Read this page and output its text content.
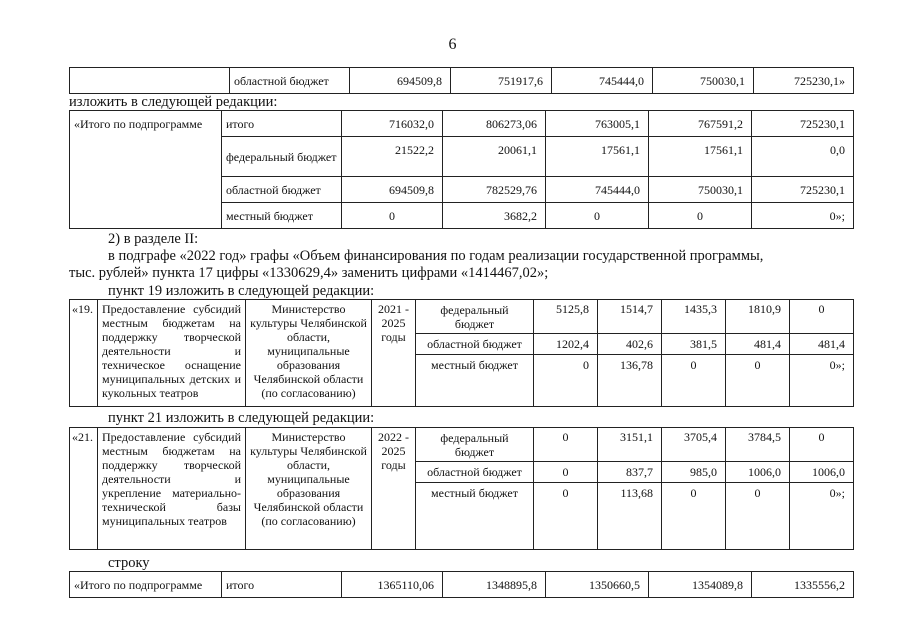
6
	областной бюджет	694509,8	751917,6	745444,0	750030,1	725230,1»
изложить в следующей редакции:
«Итого по подпрограмме	итого	716032,0	806273,06	763005,1	767591,2	725230,1
	федеральный бюджет	21522,2	20061,1	17561,1	17561,1	0,0
	областной бюджет	694509,8	782529,76	745444,0	750030,1	725230,1
	местный бюджет	0	3682,2	0	0	0»;
2) в разделе II:
в подграфе «2022 год» графы «Объем финансирования по годам реализации государственной программы,
тыс. рублей» пункта 17 цифры «1330629,4» заменить цифрами «1414467,02»;
пункт 19 изложить в следующей редакции:
«19.	Предоставление субсидий местным бюджетам на поддержку творческой деятельности и техническое оснащение муниципальных детских и кукольных театров	Министерство культуры Челябинской области, муниципальные образования Челябинской области (по согласованию)	2021 - 2025 годы	федеральный бюджет	5125,8	1514,7	1435,3	1810,9	0
				областной бюджет	1202,4	402,6	381,5	481,4	481,4
				местный бюджет	0	136,78	0	0	0»;
пункт 21 изложить в следующей редакции:
«21.	Предоставление субсидий местным бюджетам на поддержку творческой деятельности и укрепление материально-технической базы муниципальных театров	Министерство культуры Челябинской области, муниципальные образования Челябинской области (по согласованию)	2022 - 2025 годы	федеральный бюджет	0	3151,1	3705,4	3784,5	0
				областной бюджет	0	837,7	985,0	1006,0	1006,0
				местный бюджет	0	113,68	0	0	0»;
строку
«Итого по подпрограмме	итого	1365110,06	1348895,8	1350660,5	1354089,8	1335556,2
